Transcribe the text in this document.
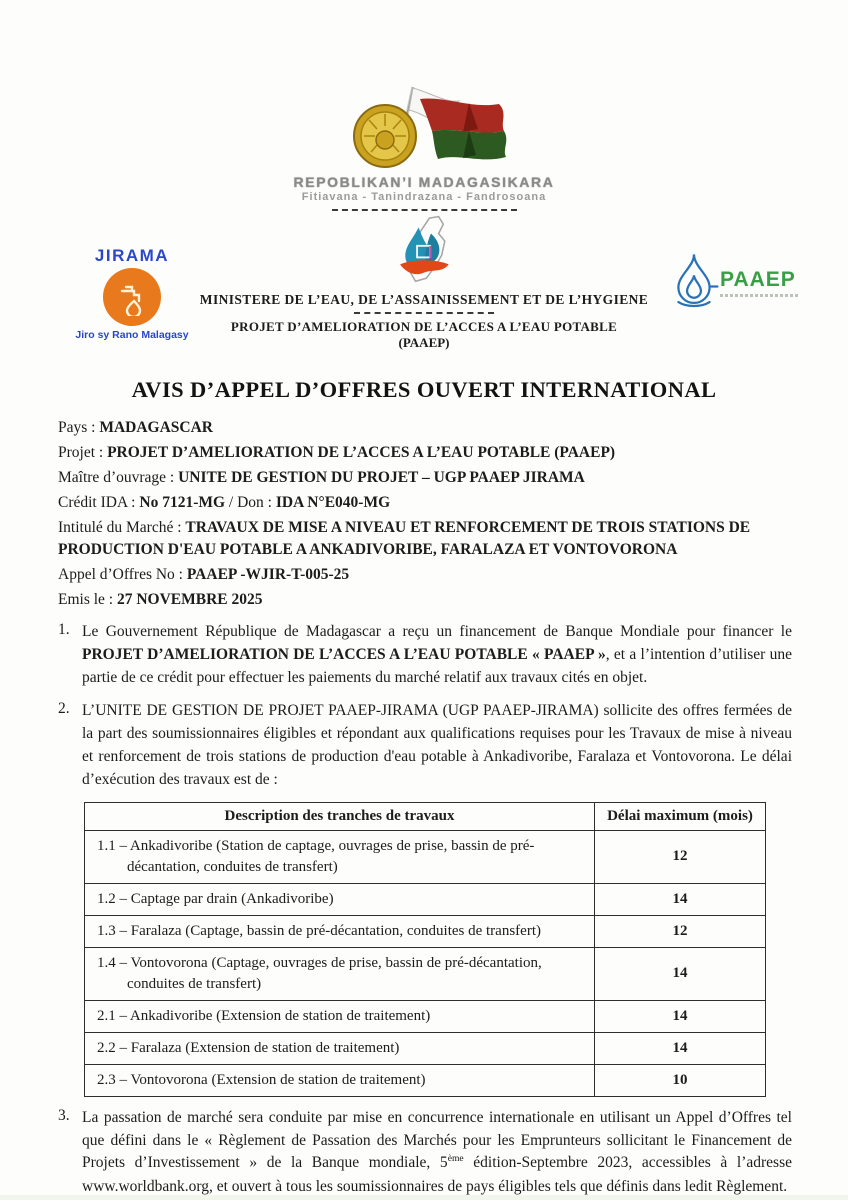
REPOBLIKAN’I MADAGASIKARA
Fitiavana - Tanindrazana - Fandrosoana
MINISTERE DE L’EAU, DE L’ASSAINISSEMENT ET DE L’HYGIENE
PROJET D’AMELIORATION DE L’ACCES A L’EAU POTABLE
(PAAEP)
JIRAMA
Jiro sy Rano Malagasy
PAAEP
AVIS D’APPEL D’OFFRES OUVERT INTERNATIONAL

Pays : MADAGASCAR

Projet : PROJET D’AMELIORATION DE L’ACCES A L’EAU POTABLE (PAAEP)

Maître d’ouvrage : UNITE DE GESTION DU PROJET – UGP PAAEP JIRAMA

Crédit IDA : No 7121-MG / Don : IDA N°E040-MG

Intitulé du Marché : TRAVAUX DE MISE A NIVEAU ET RENFORCEMENT DE TROIS STATIONS DE PRODUCTION D'EAU POTABLE A ANKADIVORIBE, FARALAZA ET VONTOVORONA

Appel d’Offres No : PAAEP -WJIR-T-005-25

Emis le : 27 NOVEMBRE 2025

1. Le Gouvernement République de Madagascar a reçu un financement de Banque Mondiale pour financer le PROJET D’AMELIORATION DE L’ACCES A L’EAU POTABLE « PAAEP », et a l’intention d’utiliser une partie de ce crédit pour effectuer les paiements du marché relatif aux travaux cités en objet.
2. L’UNITE DE GESTION DE PROJET PAAEP-JIRAMA (UGP PAAEP-JIRAMA) sollicite des offres fermées de la part des soumissionnaires éligibles et répondant aux qualifications requises pour les Travaux de mise à niveau et renforcement de trois stations de production d'eau potable à Ankadivoribe, Faralaza et Vontovorona. Le délai d’exécution des travaux est de :
Description des tranches de travaux	Délai maximum (mois)
1.1 – Ankadivoribe (Station de captage, ouvrages de prise, bassin de pré-décantation, conduites de transfert)	12
1.2 – Captage par drain (Ankadivoribe)	14
1.3 – Faralaza (Captage, bassin de pré-décantation, conduites de transfert)	12
1.4 – Vontovorona (Captage, ouvrages de prise, bassin de pré-décantation, conduites de transfert)	14
2.1 – Ankadivoribe (Extension de station de traitement)	14
2.2 – Faralaza (Extension de station de traitement)	14
2.3 – Vontovorona (Extension de station de traitement)	10
3. La passation de marché sera conduite par mise en concurrence internationale en utilisant un Appel d’Offres tel que défini dans le « Règlement de Passation des Marchés pour les Emprunteurs sollicitant le Financement de Projets d’Investissement » de la Banque mondiale, 5ème édition-Septembre 2023, accessibles à l’adresse www.worldbank.org, et ouvert à tous les soumissionnaires de pays éligibles tels que définis dans ledit Règlement.
